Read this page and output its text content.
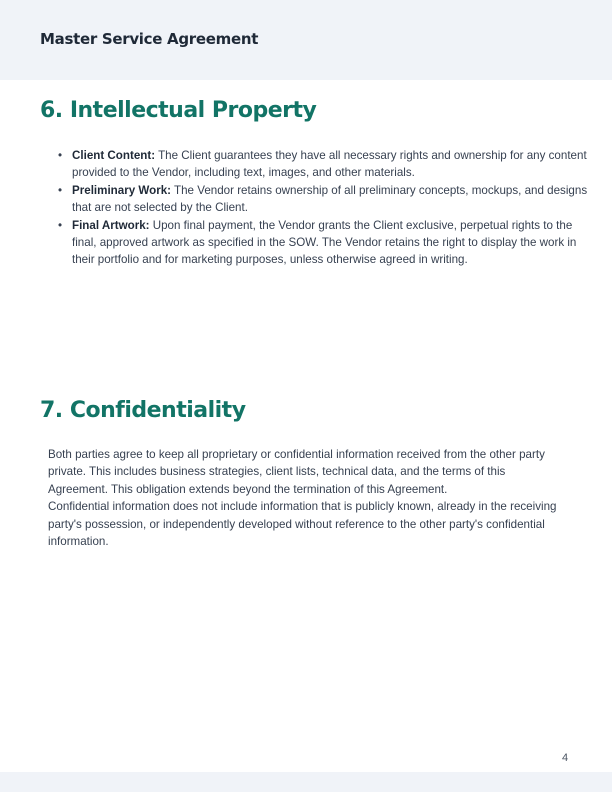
Master Service Agreement
6. Intellectual Property
• Client Content: The Client guarantees they have all necessary rights and ownership for any content provided to the Vendor, including text, images, and other materials.
• Preliminary Work: The Vendor retains ownership of all preliminary concepts, mockups, and designs that are not selected by the Client.
• Final Artwork: Upon final payment, the Vendor grants the Client exclusive, perpetual rights to the final, approved artwork as specified in the SOW. The Vendor retains the right to display the work in their portfolio and for marketing purposes, unless otherwise agreed in writing.
7. Confidentiality

Both parties agree to keep all proprietary or confidential information received from the other party private. This includes business strategies, client lists, technical data, and the terms of this Agreement. This obligation extends beyond the termination of this Agreement.

Confidential information does not include information that is publicly known, already in the receiving party's possession, or independently developed without reference to the other party's confidential information.

4
